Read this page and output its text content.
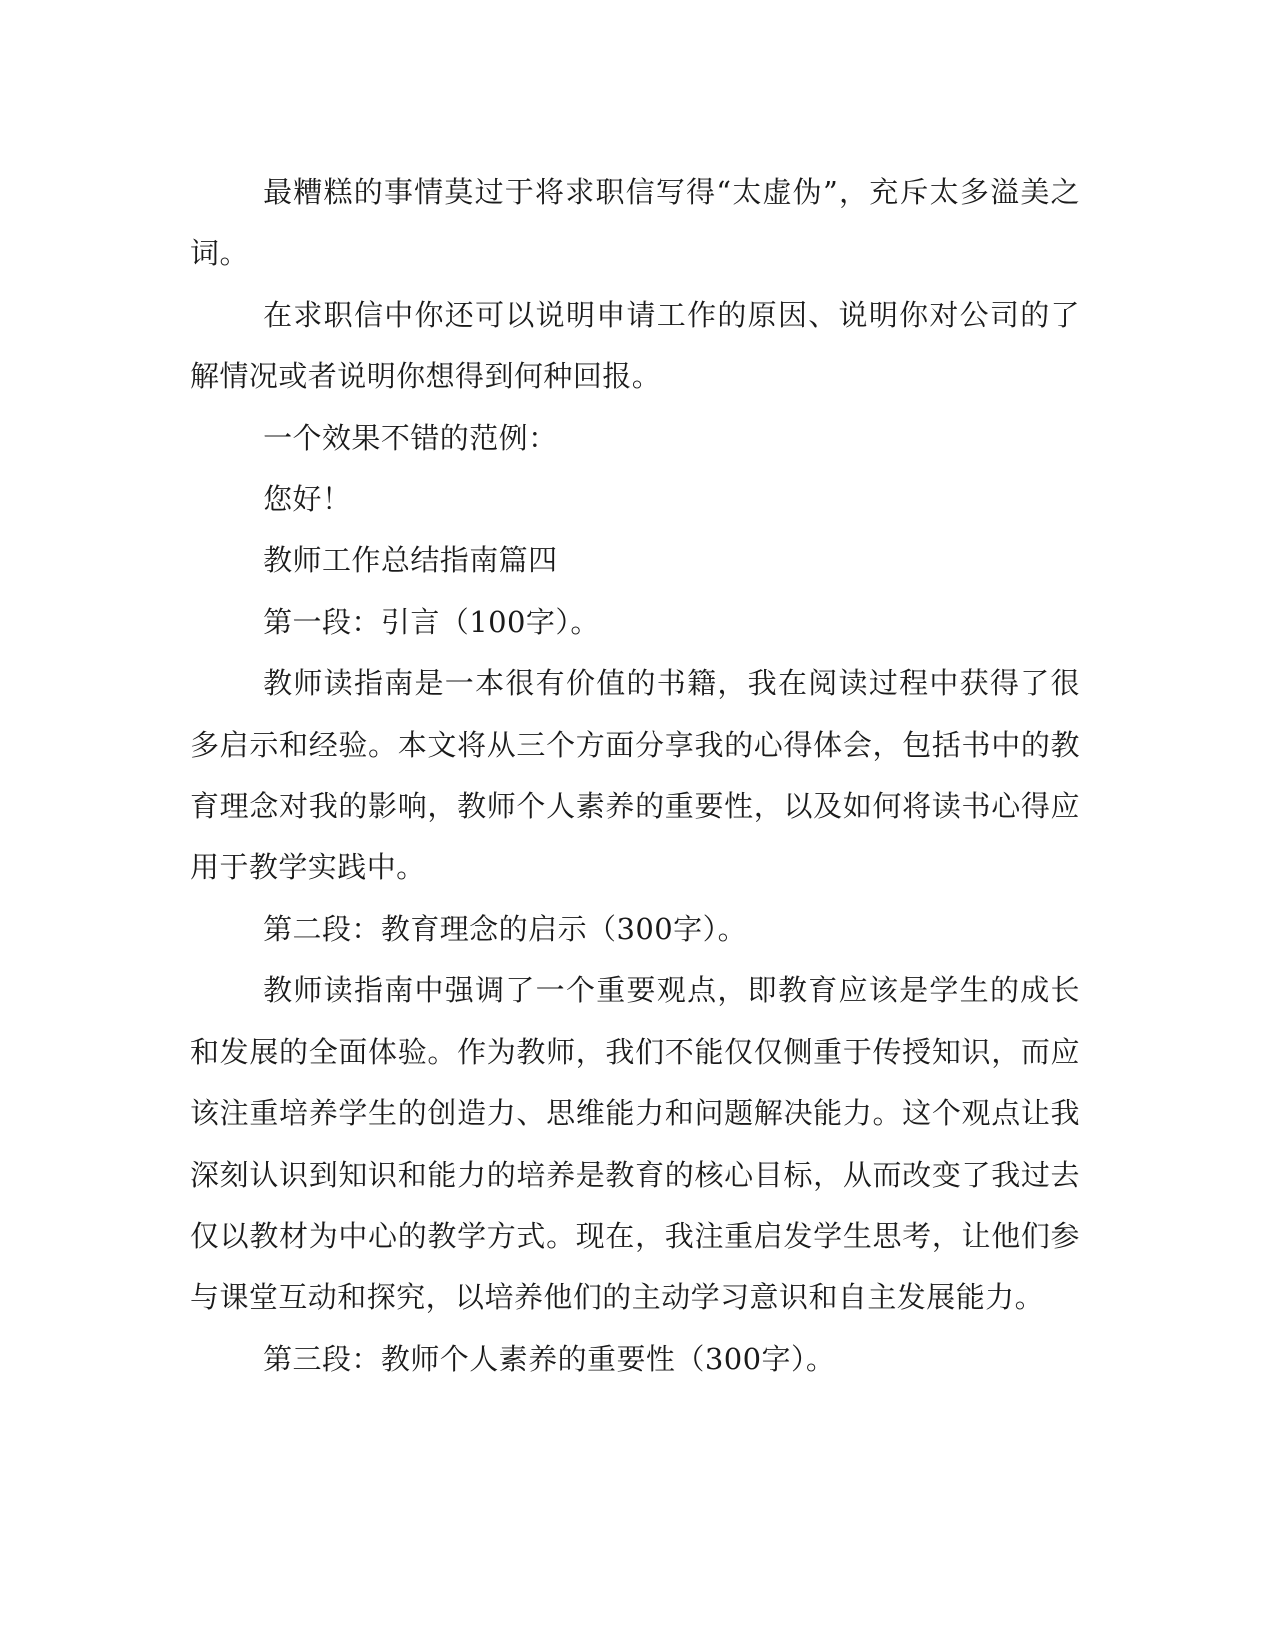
最糟糕的事情莫过于将求职信写得“太虚伪”，充斥太多溢美之词。

在求职信中你还可以说明申请工作的原因、说明你对公司的了解情况或者说明你想得到何种回报。

一个效果不错的范例：

您好！

教师工作总结指南篇四

第一段：引言（100字）。

教师读指南是一本很有价值的书籍，我在阅读过程中获得了很多启示和经验。本文将从三个方面分享我的心得体会，包括书中的教育理念对我的影响，教师个人素养的重要性，以及如何将读书心得应用于教学实践中。

第二段：教育理念的启示（300字）。

教师读指南中强调了一个重要观点，即教育应该是学生的成长和发展的全面体验。作为教师，我们不能仅仅侧重于传授知识，而应该注重培养学生的创造力、思维能力和问题解决能力。这个观点让我深刻认识到知识和能力的培养是教育的核心目标，从而改变了我过去仅以教材为中心的教学方式。现在，我注重启发学生思考，让他们参与课堂互动和探究，以培养他们的主动学习意识和自主发展能力。

第三段：教师个人素养的重要性（300字）。
